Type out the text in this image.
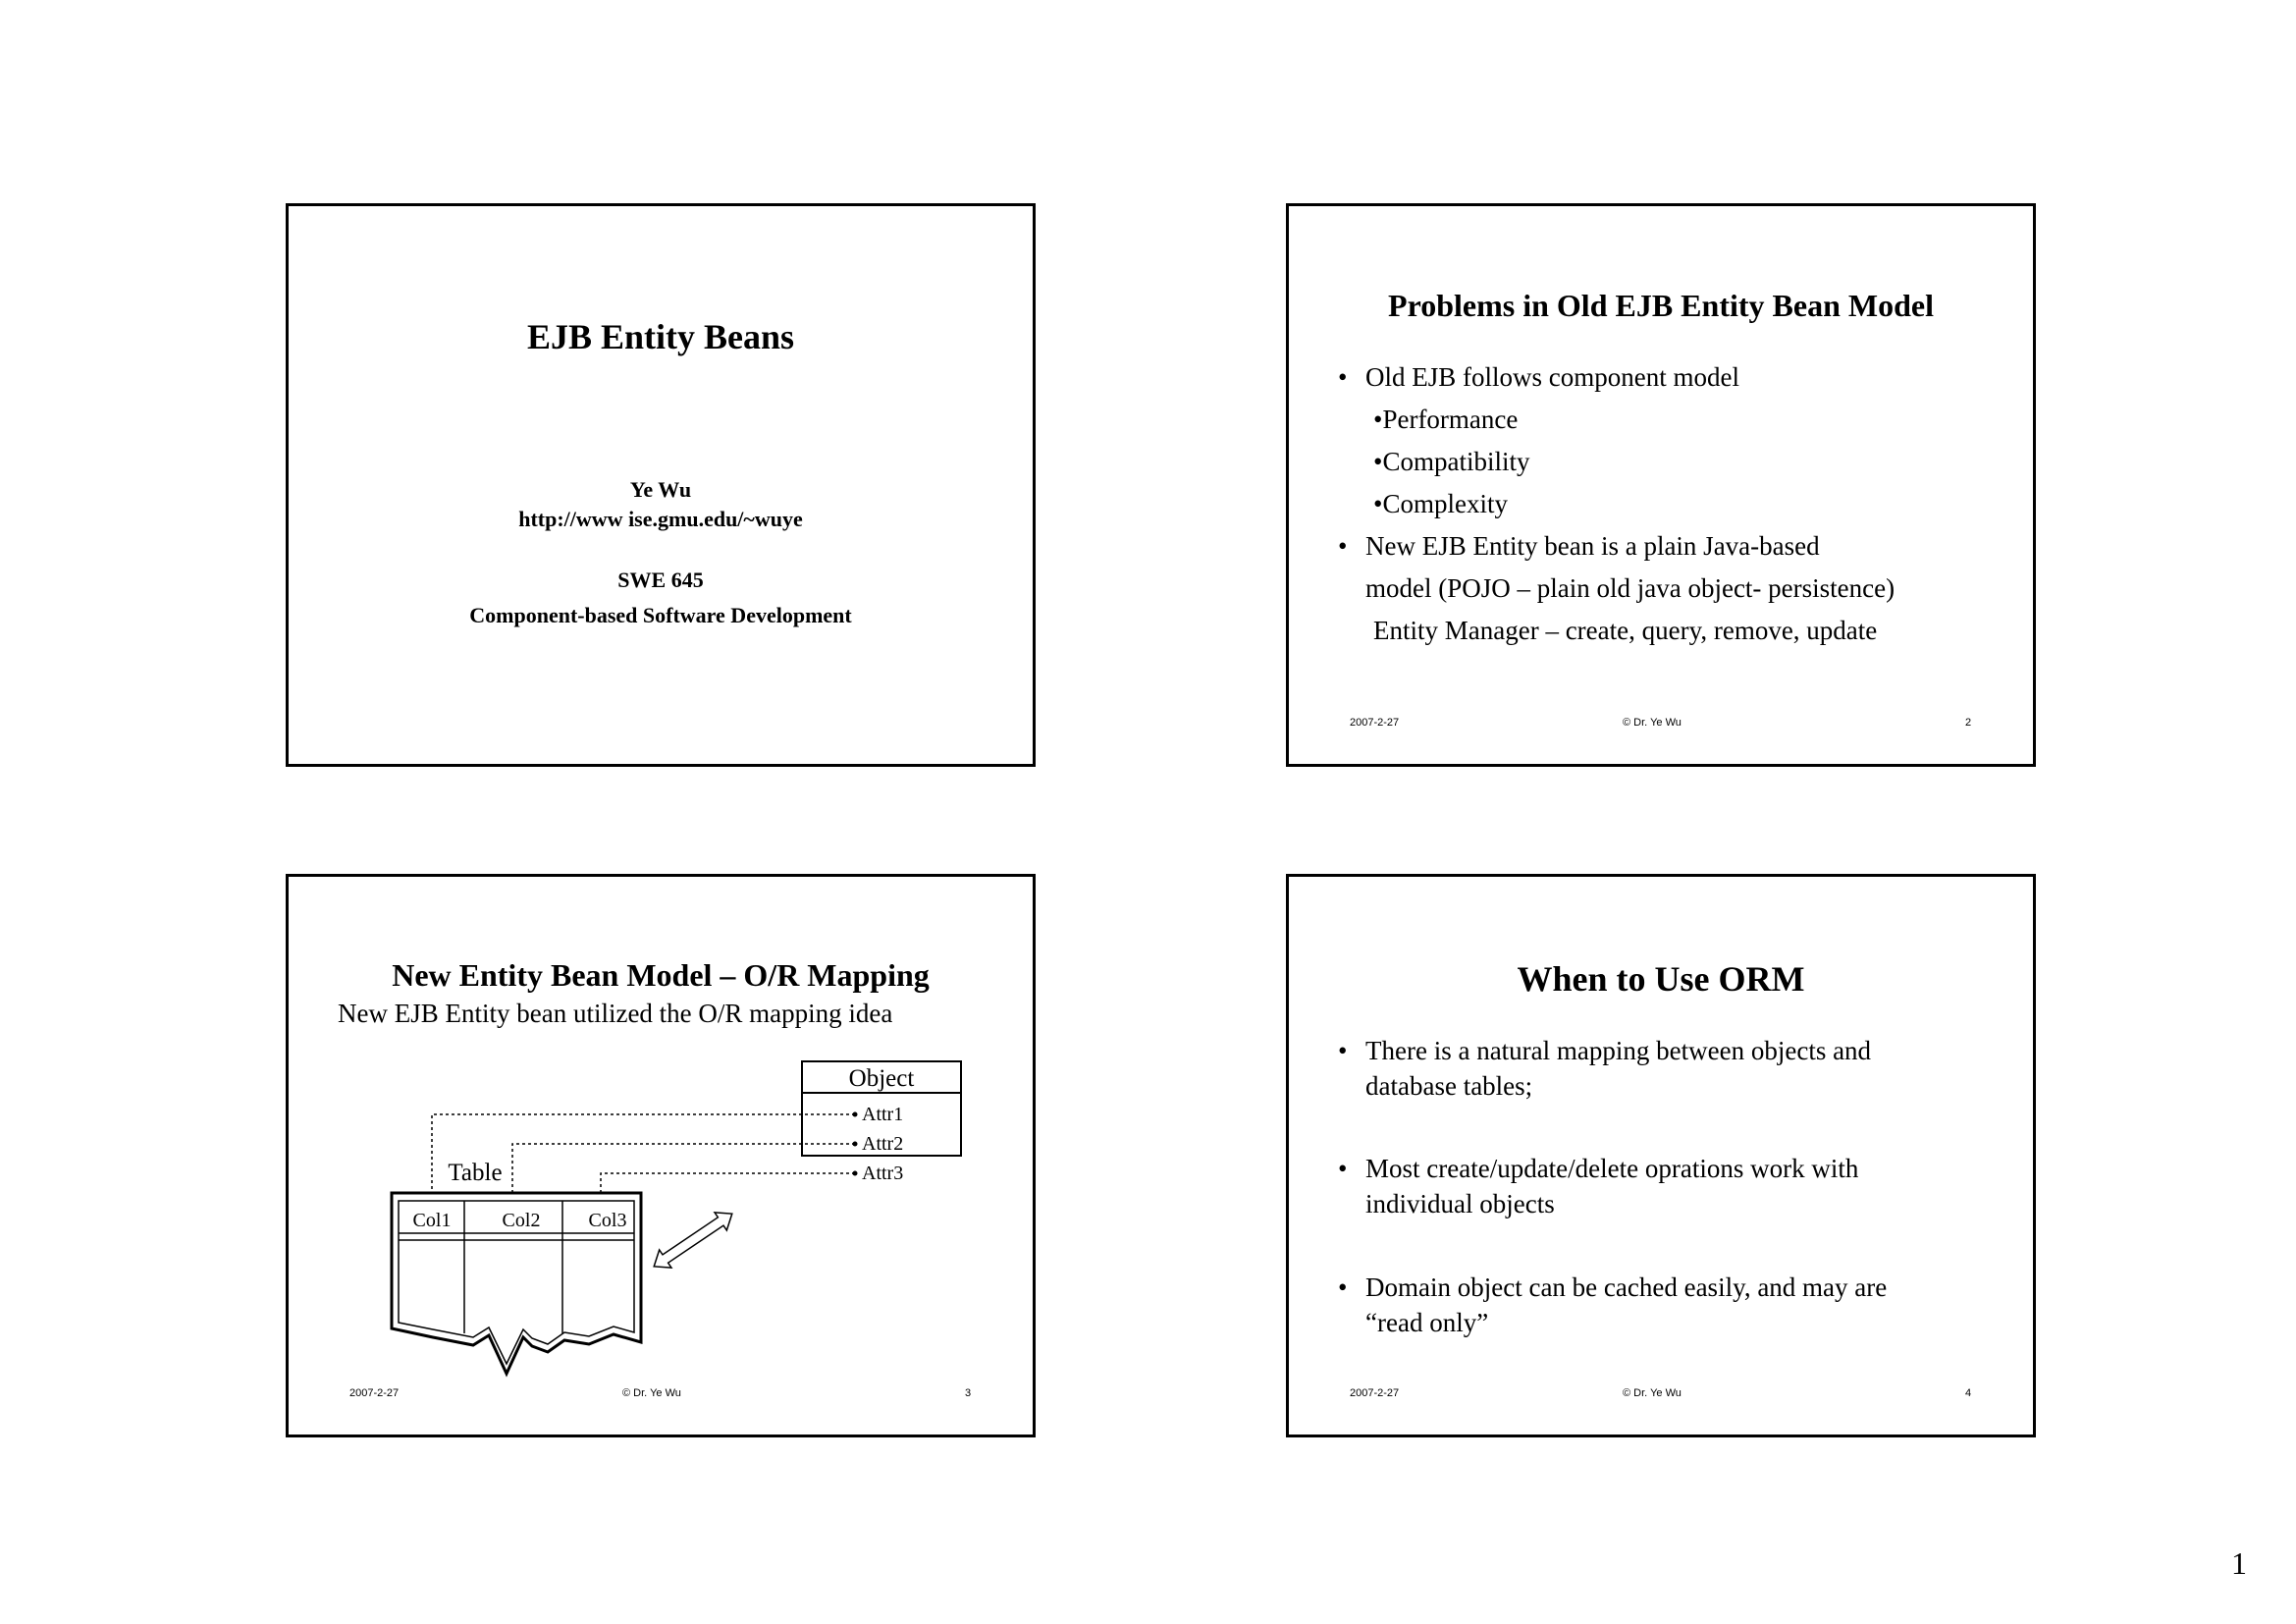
EJB Entity Beans
Ye Wu
http://www ise.gmu.edu/~wuye
SWE 645
Component-based Software Development
Problems in Old EJB Entity Bean Model
• Old EJB follows component model
•Performance
•Compatibility
•Complexity
• New EJB Entity bean is a plain Java-based
model (POJO – plain old java object- persistence)
Entity Manager – create, query, remove, update
2007-2-27	© Dr. Ye Wu	2
New Entity Bean Model – O/R Mapping
New EJB Entity bean utilized the O/R mapping idea
Object
Attr1
Attr2
Attr3
Table
Col1	Col2 Col3
2007-2-27	© Dr. Ye Wu	3
When to Use ORM
• There is a natural mapping between objects and
database tables;
• Most create/update/delete oprations work with
individual objects
• Domain object can be cached easily, and may are
“read only”
2007-2-27	© Dr. Ye Wu	4
1
